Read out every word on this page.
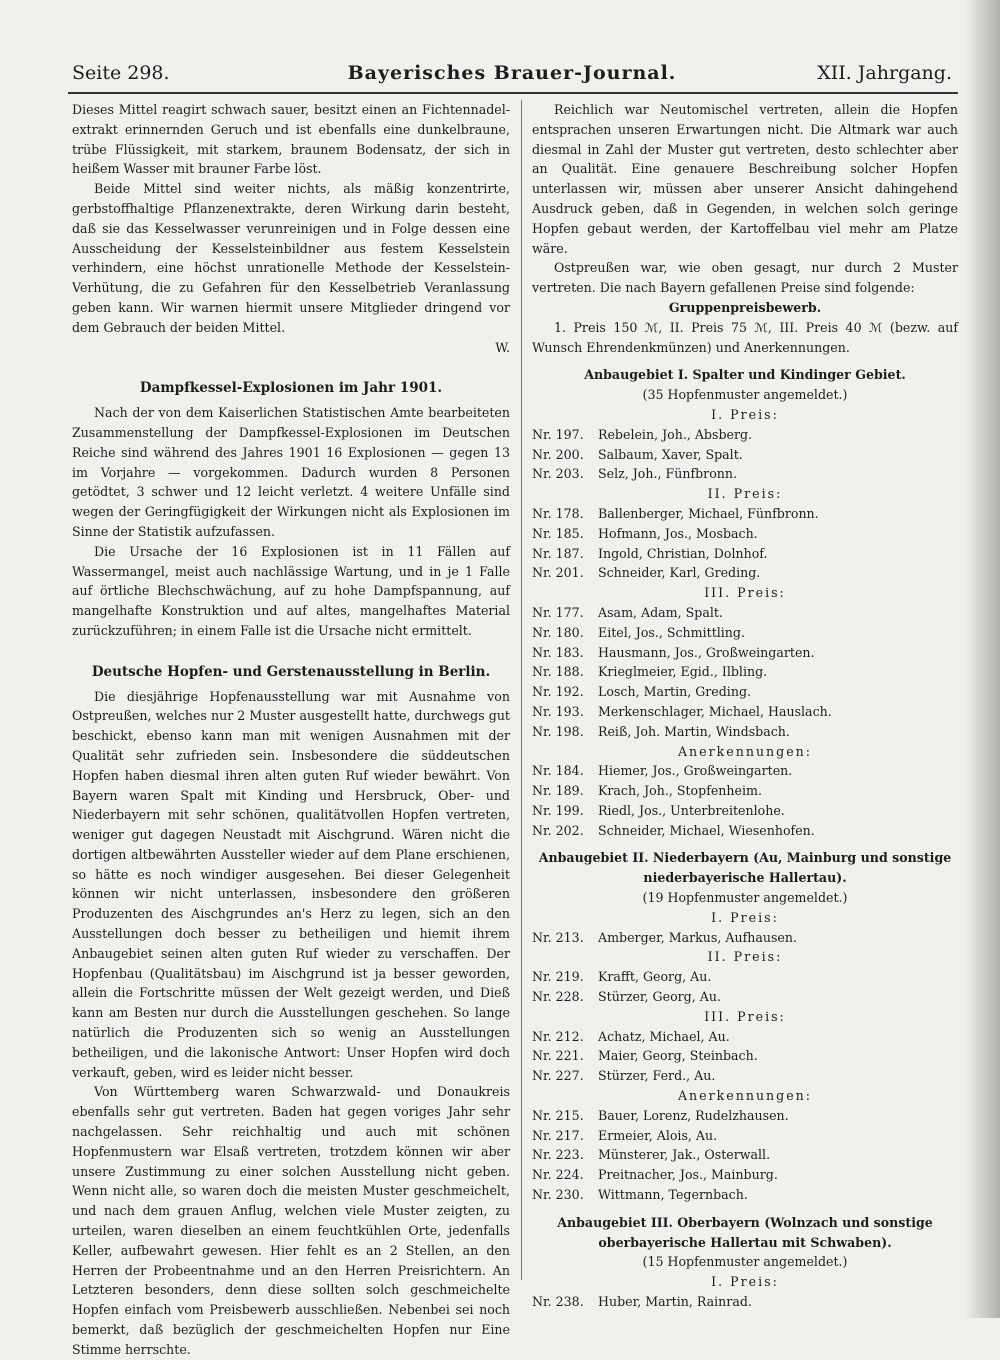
Seite 298.	Bayerisches Brauer-Journal.	XII. Jahrgang.

Dieses Mittel reagirt schwach sauer, besitzt einen an Fichtennadel-extrakt erinnernden Geruch und ist ebenfalls eine dunkelbraune, trübe Flüssigkeit, mit starkem, braunem Bodensatz, der sich in heißem Wasser mit brauner Farbe löst.

Beide Mittel sind weiter nichts, als mäßig konzentrirte, gerbstoffhaltige Pflanzenextrakte, deren Wirkung darin besteht, daß sie das Kesselwasser verunreinigen und in Folge dessen eine Ausscheidung der Kesselsteinbildner aus festem Kesselstein verhindern, eine höchst unrationelle Methode der Kesselstein-Verhütung, die zu Gefahren für den Kesselbetrieb Veranlassung geben kann. Wir warnen hiermit unsere Mitglieder dringend vor dem Gebrauch der beiden Mittel.

W.
Dampfkessel-Explosionen im Jahr 1901.

Nach der von dem Kaiserlichen Statistischen Amte bearbeiteten Zusammenstellung der Dampfkessel-Explosionen im Deutschen Reiche sind während des Jahres 1901 16 Explosionen — gegen 13 im Vorjahre — vorgekommen. Dadurch wurden 8 Personen getödtet, 3 schwer und 12 leicht verletzt. 4 weitere Unfälle sind wegen der Geringfügigkeit der Wirkungen nicht als Explosionen im Sinne der Statistik aufzufassen.

Die Ursache der 16 Explosionen ist in 11 Fällen auf Wassermangel, meist auch nachlässige Wartung, und in je 1 Falle auf örtliche Blechschwächung, auf zu hohe Dampfspannung, auf mangelhafte Konstruktion und auf altes, mangelhaftes Material zurückzuführen; in einem Falle ist die Ursache nicht ermittelt.

Deutsche Hopfen- und Gerstenausstellung in Berlin.

Die diesjährige Hopfenausstellung war mit Ausnahme von Ostpreußen, welches nur 2 Muster ausgestellt hatte, durchwegs gut beschickt, ebenso kann man mit wenigen Ausnahmen mit der Qualität sehr zufrieden sein. Insbesondere die süddeutschen Hopfen haben diesmal ihren alten guten Ruf wieder bewährt. Von Bayern waren Spalt mit Kinding und Hersbruck, Ober- und Niederbayern mit sehr schönen, qualitätvollen Hopfen vertreten, weniger gut dagegen Neustadt mit Aischgrund. Wären nicht die dortigen altbewährten Aussteller wieder auf dem Plane erschienen, so hätte es noch windiger ausgesehen. Bei dieser Gelegenheit können wir nicht unterlassen, insbesondere den größeren Produzenten des Aischgrundes an's Herz zu legen, sich an den Ausstellungen doch besser zu betheiligen und hiemit ihrem Anbaugebiet seinen alten guten Ruf wieder zu verschaffen. Der Hopfenbau (Qualitätsbau) im Aischgrund ist ja besser geworden, allein die Fortschritte müssen der Welt gezeigt werden, und Dieß kann am Besten nur durch die Ausstellungen geschehen. So lange natürlich die Produzenten sich so wenig an Ausstellungen betheiligen, und die lakonische Antwort: Unser Hopfen wird doch verkauft, geben, wird es leider nicht besser.

Von Württemberg waren Schwarzwald- und Donaukreis ebenfalls sehr gut vertreten. Baden hat gegen voriges Jahr sehr nachgelassen. Sehr reichhaltig und auch mit schönen Hopfenmustern war Elsaß vertreten, trotzdem können wir aber unsere Zustimmung zu einer solchen Ausstellung nicht geben. Wenn nicht alle, so waren doch die meisten Muster geschmeichelt, und nach dem grauen Anflug, welchen viele Muster zeigten, zu urteilen, waren dieselben an einem feuchtkühlen Orte, jedenfalls Keller, aufbewahrt gewesen. Hier fehlt es an 2 Stellen, an den Herren der Probeentnahme und an den Herren Preisrichtern. An Letzteren besonders, denn diese sollten solch geschmeichelte Hopfen einfach vom Preisbewerb ausschließen. Nebenbei sei noch bemerkt, daß bezüglich der geschmeichelten Hopfen nur Eine Stimme herrschte.

Reichlich war Neutomischel vertreten, allein die Hopfen entsprachen unseren Erwartungen nicht. Die Altmark war auch diesmal in Zahl der Muster gut vertreten, desto schlechter aber an Qualität. Eine genauere Beschreibung solcher Hopfen unterlassen wir, müssen aber unserer Ansicht dahingehend Ausdruck geben, daß in Gegenden, in welchen solch geringe Hopfen gebaut werden, der Kartoffelbau viel mehr am Platze wäre.

Ostpreußen war, wie oben gesagt, nur durch 2 Muster vertreten. Die nach Bayern gefallenen Preise sind folgende:

Gruppenpreisbewerb.

1. Preis 150 ℳ, II. Preis 75 ℳ, III. Preis 40 ℳ (bezw. auf Wunsch Ehrendenkmünzen) und Anerkennungen.

Anbaugebiet I. Spalter und Kindinger Gebiet.
(35 Hopfenmuster angemeldet.)
I. Preis:
Nr. 197.	Rebelein, Joh., Absberg.
Nr. 200.	Salbaum, Xaver, Spalt.
Nr. 203.	Selz, Joh., Fünfbronn.
II. Preis:
Nr. 178.	Ballenberger, Michael, Fünfbronn.
Nr. 185.	Hofmann, Jos., Mosbach.
Nr. 187.	Ingold, Christian, Dolnhof.
Nr. 201.	Schneider, Karl, Greding.
III. Preis:
Nr. 177.	Asam, Adam, Spalt.
Nr. 180.	Eitel, Jos., Schmittling.
Nr. 183.	Hausmann, Jos., Großweingarten.
Nr. 188.	Krieglmeier, Egid., Ilbling.
Nr. 192.	Losch, Martin, Greding.
Nr. 193.	Merkenschlager, Michael, Hauslach.
Nr. 198.	Reiß, Joh. Martin, Windsbach.
Anerkennungen:
Nr. 184.	Hiemer, Jos., Großweingarten.
Nr. 189.	Krach, Joh., Stopfenheim.
Nr. 199.	Riedl, Jos., Unterbreitenlohe.
Nr. 202.	Schneider, Michael, Wiesenhofen.
Anbaugebiet II. Niederbayern (Au, Mainburg und sonstige niederbayerische Hallertau).
(19 Hopfenmuster angemeldet.)
I. Preis:
Nr. 213.	Amberger, Markus, Aufhausen.
II. Preis:
Nr. 219.	Krafft, Georg, Au.
Nr. 228.	Stürzer, Georg, Au.
III. Preis:
Nr. 212.	Achatz, Michael, Au.
Nr. 221.	Maier, Georg, Steinbach.
Nr. 227.	Stürzer, Ferd., Au.
Anerkennungen:
Nr. 215.	Bauer, Lorenz, Rudelzhausen.
Nr. 217.	Ermeier, Alois, Au.
Nr. 223.	Münsterer, Jak., Osterwall.
Nr. 224.	Preitnacher, Jos., Mainburg.
Nr. 230.	Wittmann, Tegernbach.
Anbaugebiet III. Oberbayern (Wolnzach und sonstige oberbayerische Hallertau mit Schwaben).
(15 Hopfenmuster angemeldet.)
I. Preis:
Nr. 238.	Huber, Martin, Rainrad.
